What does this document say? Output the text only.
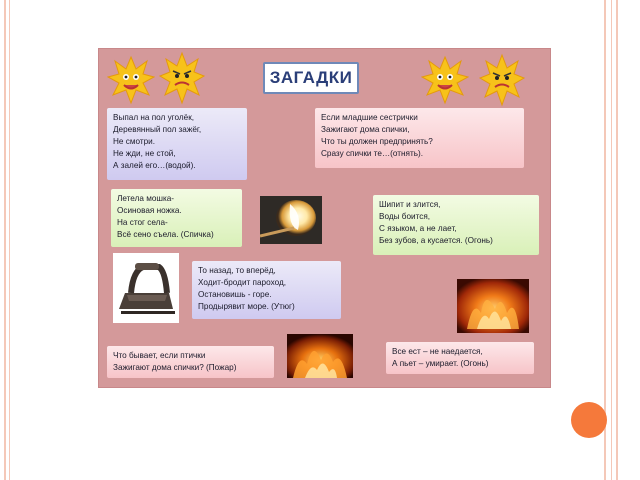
ЗАГАДКИ
Выпал на пол уголёк,
Деревянный пол зажёг,
Не смотри.
Не жди, не стой,
А залей его…(водой).
Если младшие сестрички
Зажигают дома спички,
Что ты должен предпринять?
Сразу спички те…(отнять).
Летела мошка-
Осиновая ножка.
На стог села-
Всё сено съела. (Спичка)
Шипит и злится,
Воды боится,
С языком, а не лает,
Без зубов, а кусается. (Огонь)
То назад, то вперёд,
Ходит-бродит пароход,
Остановишь - горе.
Продырявит море. (Утюг)
Что бывает, если птички
Зажигают дома спички? (Пожар)
Все ест – не наедается,
А пьет – умирает. (Огонь)
